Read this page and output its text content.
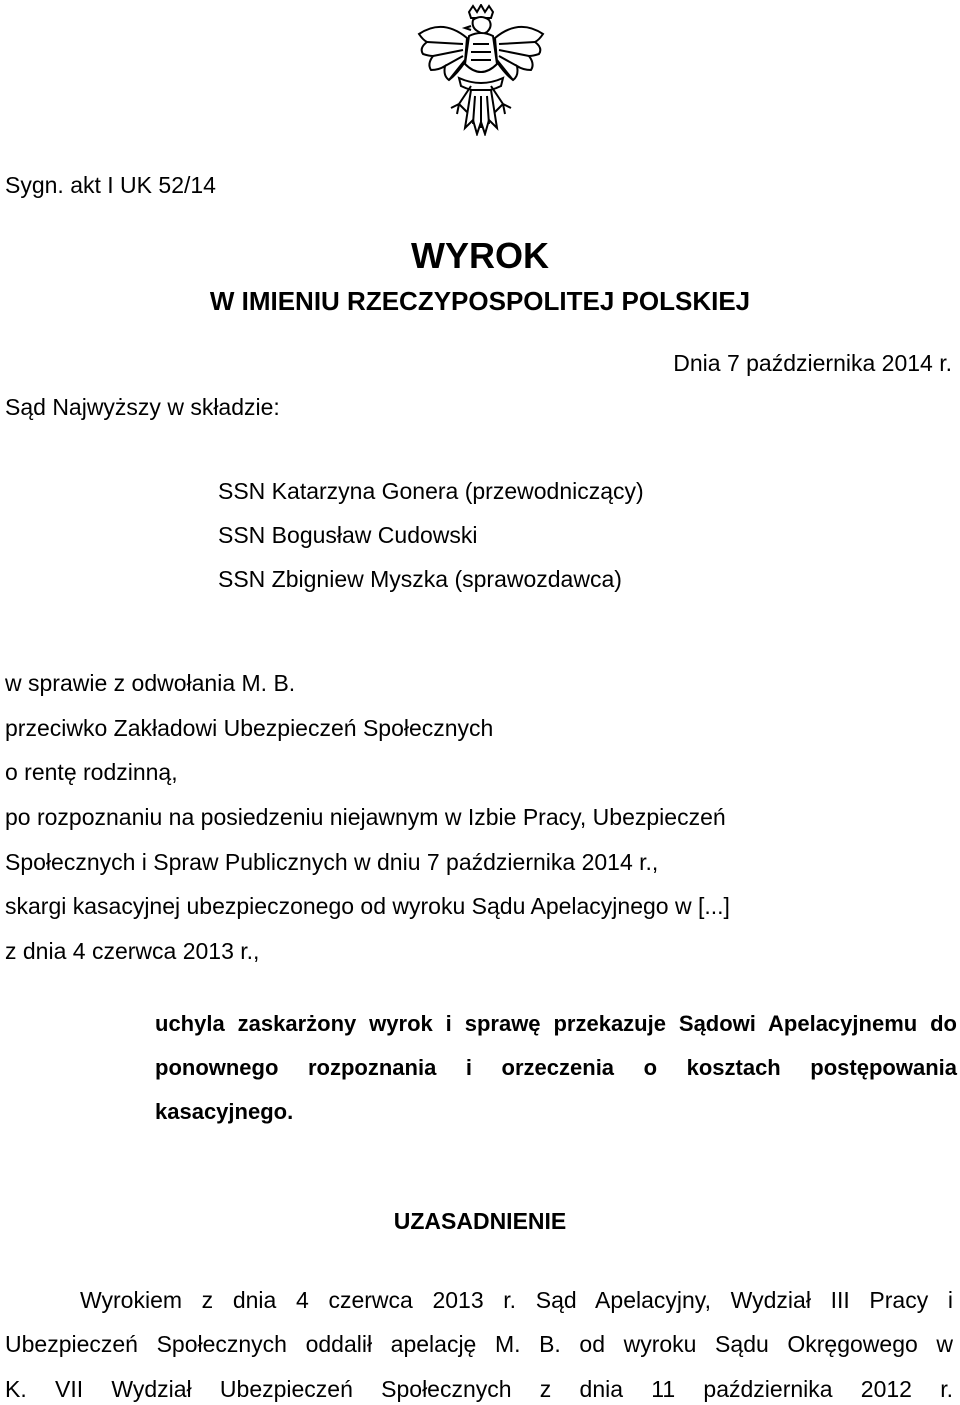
Sygn. akt I UK 52/14
WYROK
W IMIENIU RZECZYPOSPOLITEJ POLSKIEJ
Dnia 7 października 2014 r.
Sąd Najwyższy w składzie:
SSN Katarzyna Gonera (przewodniczący)
SSN Bogusław Cudowski
SSN Zbigniew Myszka (sprawozdawca)
w sprawie z odwołania M. B.
przeciwko Zakładowi Ubezpieczeń Społecznych
o rentę rodzinną,
po rozpoznaniu na posiedzeniu niejawnym w Izbie Pracy, Ubezpieczeń
Społecznych i Spraw Publicznych w dniu 7 października 2014 r.,
skargi kasacyjnej ubezpieczonego od wyroku Sądu Apelacyjnego w [...]
z dnia 4 czerwca 2013 r.,
uchyla zaskarżony wyrok i sprawę przekazuje Sądowi Apelacyjnemu do ponownego rozpoznania i orzeczenia o kosztach postępowania kasacyjnego.
UZASADNIENIE
Wyrokiem z dnia 4 czerwca 2013 r. Sąd Apelacyjny, Wydział III Pracy i
Ubezpieczeń Społecznych oddalił apelację M. B. od wyroku Sądu Okręgowego w
K. VII Wydział Ubezpieczeń Społecznych z dnia 11 października 2012 r.
